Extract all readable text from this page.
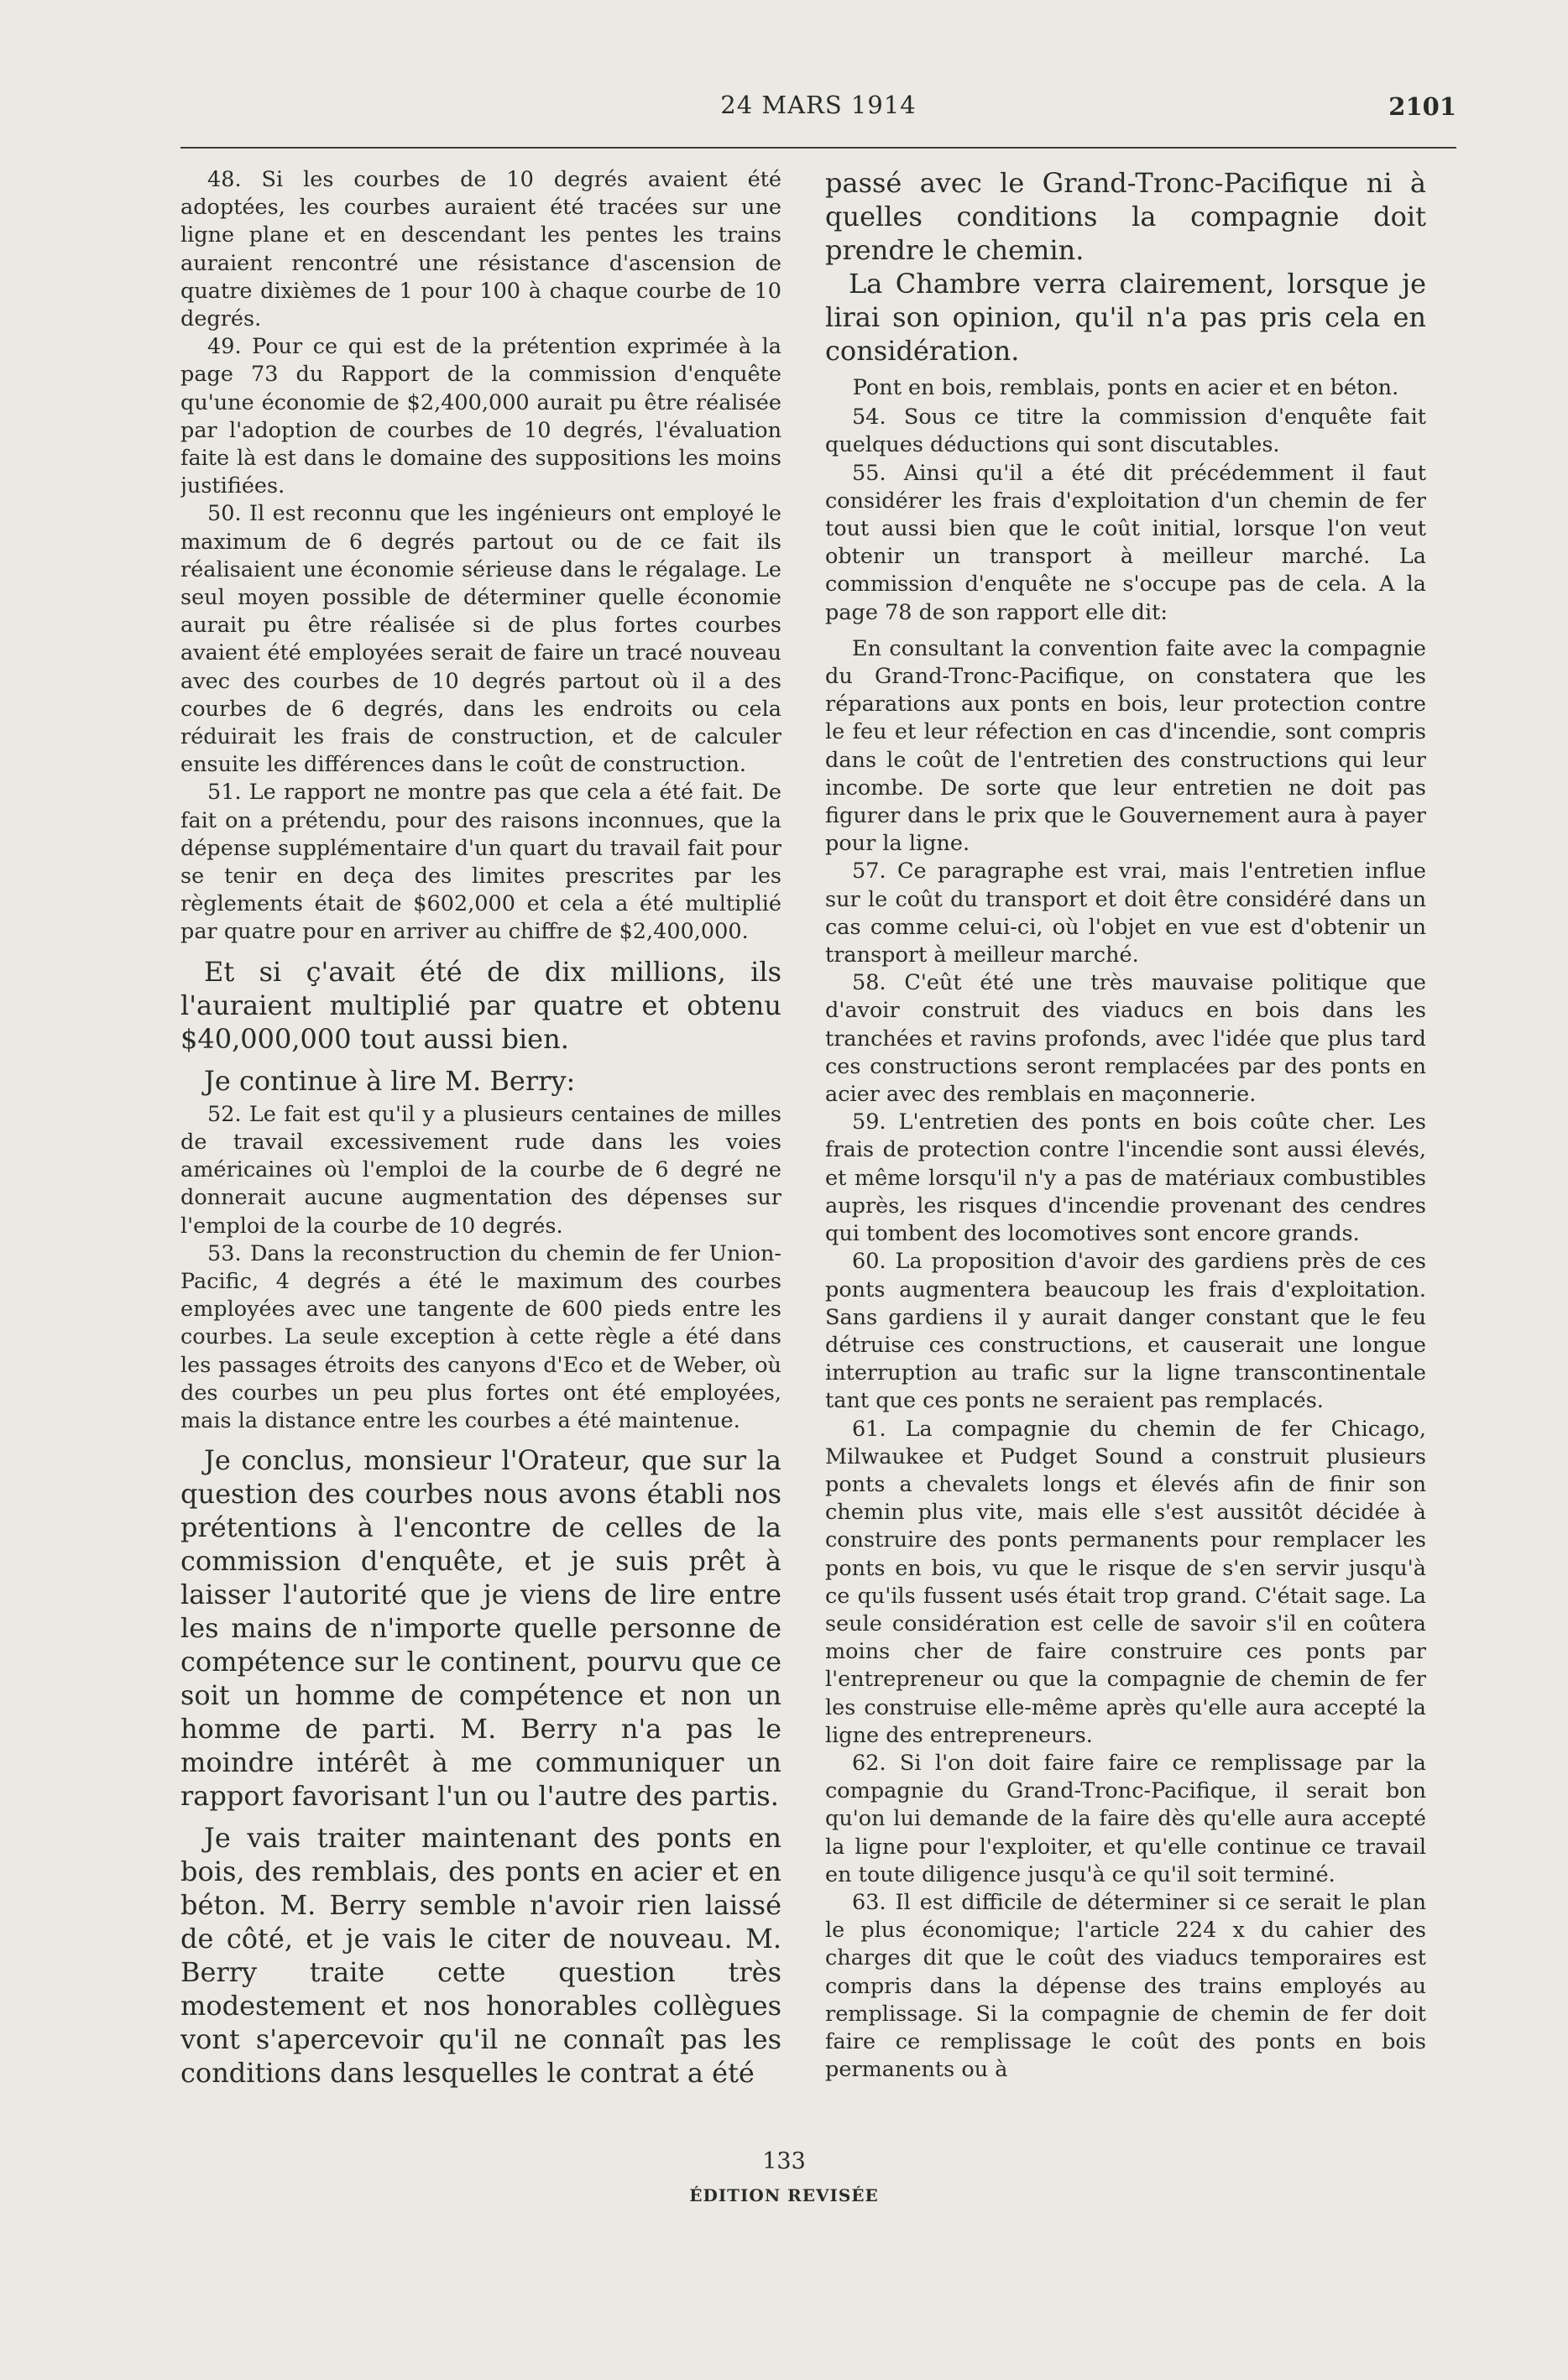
24 MARS 1914	2101

48. Si les courbes de 10 degrés avaient été adoptées, les courbes auraient été tracées sur une ligne plane et en descendant les pentes les trains auraient rencontré une résistance d'ascension de quatre dixièmes de 1 pour 100 à chaque courbe de 10 degrés.

49. Pour ce qui est de la prétention exprimée à la page 73 du Rapport de la commission d'enquête qu'une économie de $2,400,000 aurait pu être réalisée par l'adoption de courbes de 10 degrés, l'évaluation faite là est dans le domaine des suppositions les moins justifiées.

50. Il est reconnu que les ingénieurs ont employé le maximum de 6 degrés partout ou de ce fait ils réalisaient une économie sérieuse dans le régalage. Le seul moyen possible de déterminer quelle économie aurait pu être réalisée si de plus fortes courbes avaient été employées serait de faire un tracé nouveau avec des courbes de 10 degrés partout où il a des courbes de 6 degrés, dans les endroits ou cela réduirait les frais de construction, et de calculer ensuite les différences dans le coût de construction.

51. Le rapport ne montre pas que cela a été fait. De fait on a prétendu, pour des raisons inconnues, que la dépense supplémentaire d'un quart du travail fait pour se tenir en deça des limites prescrites par les règlements était de $602,000 et cela a été multiplié par quatre pour en arriver au chiffre de $2,400,000.

Et si ç'avait été de dix millions, ils l'auraient multiplié par quatre et obtenu $40,000,000 tout aussi bien.

Je continue à lire M. Berry:

52. Le fait est qu'il y a plusieurs centaines de milles de travail excessivement rude dans les voies américaines où l'emploi de la courbe de 6 degré ne donnerait aucune augmentation des dépenses sur l'emploi de la courbe de 10 degrés.

53. Dans la reconstruction du chemin de fer Union-Pacific, 4 degrés a été le maximum des courbes employées avec une tangente de 600 pieds entre les courbes. La seule exception à cette règle a été dans les passages étroits des canyons d'Eco et de Weber, où des courbes un peu plus fortes ont été employées, mais la distance entre les courbes a été maintenue.

Je conclus, monsieur l'Orateur, que sur la question des courbes nous avons établi nos prétentions à l'encontre de celles de la commission d'enquête, et je suis prêt à laisser l'autorité que je viens de lire entre les mains de n'importe quelle personne de compétence sur le continent, pourvu que ce soit un homme de compétence et non un homme de parti. M. Berry n'a pas le moindre intérêt à me communiquer un rapport favorisant l'un ou l'autre des partis.

Je vais traiter maintenant des ponts en bois, des remblais, des ponts en acier et en béton. M. Berry semble n'avoir rien laissé de côté, et je vais le citer de nouveau. M. Berry traite cette question très modestement et nos honorables collègues vont s'apercevoir qu'il ne connaît pas les conditions dans lesquelles le contrat a été

passé avec le Grand-Tronc-Pacifique ni à quelles conditions la compagnie doit prendre le chemin.

La Chambre verra clairement, lorsque je lirai son opinion, qu'il n'a pas pris cela en considération.

Pont en bois, remblais, ponts en acier et en béton.

54. Sous ce titre la commission d'enquête fait quelques déductions qui sont discutables.

55. Ainsi qu'il a été dit précédemment il faut considérer les frais d'exploitation d'un chemin de fer tout aussi bien que le coût initial, lorsque l'on veut obtenir un transport à meilleur marché. La commission d'enquête ne s'occupe pas de cela. A la page 78 de son rapport elle dit:

En consultant la convention faite avec la compagnie du Grand-Tronc-Pacifique, on constatera que les réparations aux ponts en bois, leur protection contre le feu et leur réfection en cas d'incendie, sont compris dans le coût de l'entretien des constructions qui leur incombe. De sorte que leur entretien ne doit pas figurer dans le prix que le Gouvernement aura à payer pour la ligne.

57. Ce paragraphe est vrai, mais l'entretien influe sur le coût du transport et doit être considéré dans un cas comme celui-ci, où l'objet en vue est d'obtenir un transport à meilleur marché.

58. C'eût été une très mauvaise politique que d'avoir construit des viaducs en bois dans les tranchées et ravins profonds, avec l'idée que plus tard ces constructions seront remplacées par des ponts en acier avec des remblais en maçonnerie.

59. L'entretien des ponts en bois coûte cher. Les frais de protection contre l'incendie sont aussi élevés, et même lorsqu'il n'y a pas de matériaux combustibles auprès, les risques d'incendie provenant des cendres qui tombent des locomotives sont encore grands.

60. La proposition d'avoir des gardiens près de ces ponts augmentera beaucoup les frais d'exploitation. Sans gardiens il y aurait danger constant que le feu détruise ces constructions, et causerait une longue interruption au trafic sur la ligne transcontinentale tant que ces ponts ne seraient pas remplacés.

61. La compagnie du chemin de fer Chicago, Milwaukee et Pudget Sound a construit plusieurs ponts a chevalets longs et élevés afin de finir son chemin plus vite, mais elle s'est aussitôt décidée à construire des ponts permanents pour remplacer les ponts en bois, vu que le risque de s'en servir jusqu'à ce qu'ils fussent usés était trop grand. C'était sage. La seule considération est celle de savoir s'il en coûtera moins cher de faire construire ces ponts par l'entrepreneur ou que la compagnie de chemin de fer les construise elle-même après qu'elle aura accepté la ligne des entrepreneurs.

62. Si l'on doit faire faire ce remplissage par la compagnie du Grand-Tronc-Pacifique, il serait bon qu'on lui demande de la faire dès qu'elle aura accepté la ligne pour l'exploiter, et qu'elle continue ce travail en toute diligence jusqu'à ce qu'il soit terminé.

63. Il est difficile de déterminer si ce serait le plan le plus économique; l'article 224 x du cahier des charges dit que le coût des viaducs temporaires est compris dans la dépense des trains employés au remplissage. Si la compagnie de chemin de fer doit faire ce remplissage le coût des ponts en bois permanents ou à

133
ÉDITION REVISÉE
